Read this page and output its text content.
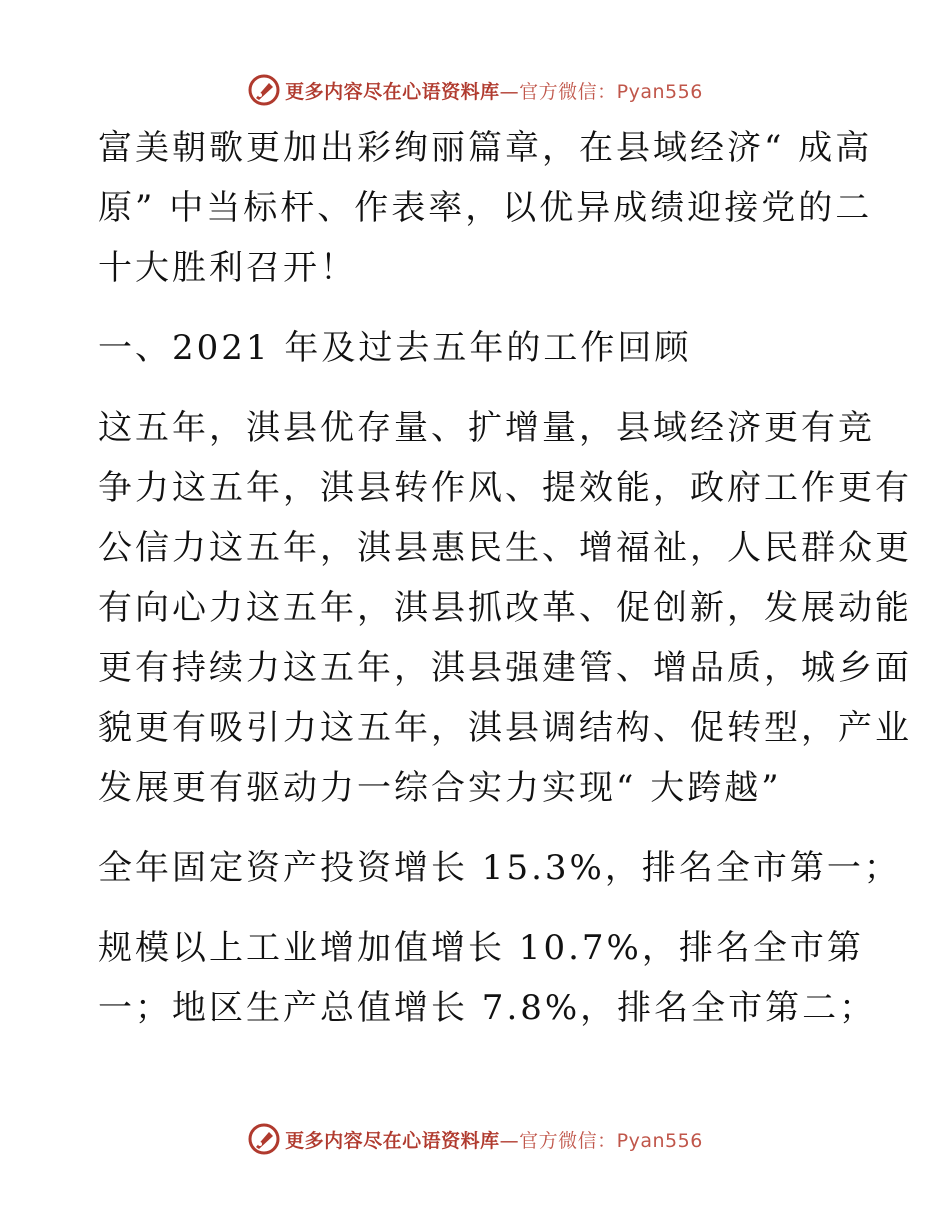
更多内容尽在心语资料库—官方微信：Pyan556

富美朝歌更加出彩绚丽篇章，在县域经济“ 成高
原” 中当标杆、作表率，以优异成绩迎接党的二
十大胜利召开！

一、2021 年及过去五年的工作回顾

这五年，淇县优存量、扩增量，县域经济更有竞
争力这五年，淇县转作风、提效能，政府工作更有
公信力这五年，淇县惠民生、增福祉，人民群众更
有向心力这五年，淇县抓改革、促创新，发展动能
更有持续力这五年，淇县强建管、增品质，城乡面
貌更有吸引力这五年，淇县调结构、促转型，产业
发展更有驱动力一综合实力实现“ 大跨越”

全年固定资产投资增长 15.3%，排名全市第一；

规模以上工业增加值增长 10.7%，排名全市第
一；地区生产总值增长 7.8%，排名全市第二；

更多内容尽在心语资料库—官方微信：Pyan556
